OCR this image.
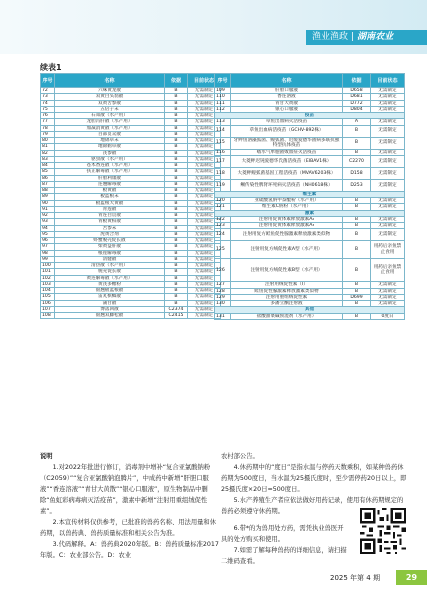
渔业渔政 | 湖南农业
续表1
序号	名称	依据	目前状态
72	六味黄龙散	B	无需制定
73	双黄白头翁散	B	无需制定
74	双黄苦参散	B	无需制定
75	五倍子末	B	无需制定
76	石知散（水产用）	B	无需制定
77	龙胆泻肝散（水产用）	B	无需制定
78	加减消黄散（水产用）	B	无需制定
79	百部贯众散	B	无需制定
80	地锦草末	B	无需制定
81	地锦鹤草散	B	无需制定
82	芪参散	B	无需制定
83	驱虫散（水产用）	B	无需制定
84	苍术香连散（水产用）	B	无需制定
85	扶正解毒散（水产用）	B	无需制定
86	肝胆利康散	B	无需制定
87	连翘解毒散	B	无需制定
88	板黄散	B	无需制定
89	板蓝根末	B	无需制定
90	板蓝根大黄散	B	无需制定
91	青莲散	B	无需制定
92	青连白贯散	B	无需制定
93	青板黄柏散	B	无需制定
94	苦参末	B	无需制定
95	虎黄合剂	B	无需制定
96	虾蟹脱壳促长散	B	无需制定
97	柴黄益肝散	B	无需制定
98	根莲解毒散	B	无需制定
99	清健散	B	无需制定
100	清热散（水产用）	B	无需制定
101	脱壳促长散	B	无需制定
102	黄连解毒散（水产用）	B	无需制定
103	黄芪多糖粉	B	无需制定
104	银翘板蓝根散	B	无需制定
105	雷丸槟榔散	B	无需制定
106	蒲甘散	B	无需制定
107	博落回散	C2374	无需制定
108	银翘双藤松散	C2415	无需制定
序号	名称	依据	目前状态
109	肝胆口服液	D658	无需制定
110	香连溶液	D681	无需制定
111	青甘大黄散	D772	无需制定
112	银心口服液	D804	无需制定
疫苗			
113	草鱼出血病灭活疫苗	A	无需制定
114	草鱼出血病活疫苗（GCHV-892株）	B	无需制定
115	牙鲆鱼溶藻弧菌、鳗弧菌、迟缓爱德华菌病多联抗独特型抗体疫苗	B	无需制定
116	嗜水气单胞菌败血症灭活疫苗	B	无需制定
117	大菱鲆迟钝爱德华氏菌活疫苗（EIBAV1株）	C2270	无需制定
118	大菱鲆鳗弧菌基因工程活疫苗（MVAV6203株）	D158	无需制定
119	鳜传染性脾肾坏死病灭活疫苗（NH0618株）	D253	无需制定
维生素			
120	亚硫酸氢钠甲萘醌粉（水产用）	B	无需制定
121	维生素C钠粉（水产用）	B	无需制定
激素			
122	注射用促黄体素释放激素A₂	B	无需制定
123	注射用促黄体素释放激素A₃	B	无需制定
124	注射用复方鲑鱼促性腺激素释放激素类似物	B	无需制定
125	注射用复方绒促性素A型（水产用）	B	用药后亲鱼禁止食用
126	注射用复方绒促性素B型（水产用）	B	用药后亲鱼禁止食用
127	注射用绒促性素（Ⅰ）	B	无需制定
128	鲑鱼促性腺激素释放激素类似物	B	无需制定
129	注射用重组绒促性素	D699	无需制定
130	多潘立酮注射液	B	无需制定
其他			
131	盐酸甜菜碱预混剂（水产用）	B	0度日

说明

1.对2022年批进行修订，消毒剂中增补“复合亚氯酸钠粉（C2059）”“复合亚氯酸钠泡腾片”，中成药中新增“肝胆口服液”“香连溶液”“青甘大黄散”“银心口服液”，原生物制品中删除“鱼虹彩病毒病灭活疫苗”，激素中新增“注射用重组绒促性素”。

2.本宣传材料仅供参考，已批准的兽药名称、用法用量和休药期，以兽药典、兽药质量标准和相关公告为准。

3.代码解释。A：兽药典2020年版。B：兽药质量标准2017年版。C：农业部公告。D：农业

农村部公告。

4.休药期中的“度日”是指水温与停药天数乘积，如某种兽药休药期为500度日，当水温为25摄氏度时，至少需停药20日以上，即25摄氏度×20日=500度日。

5.水产养殖生产者应依法做好用药记录，使用有休药期规定的兽药必须遵守休药期。

6.带*的为兽用处方药，需凭执业兽医开具的处方购买和使用。

7.如需了解每种兽药的详细信息，请扫描二维码查看。

2025 年第 4 期	29
